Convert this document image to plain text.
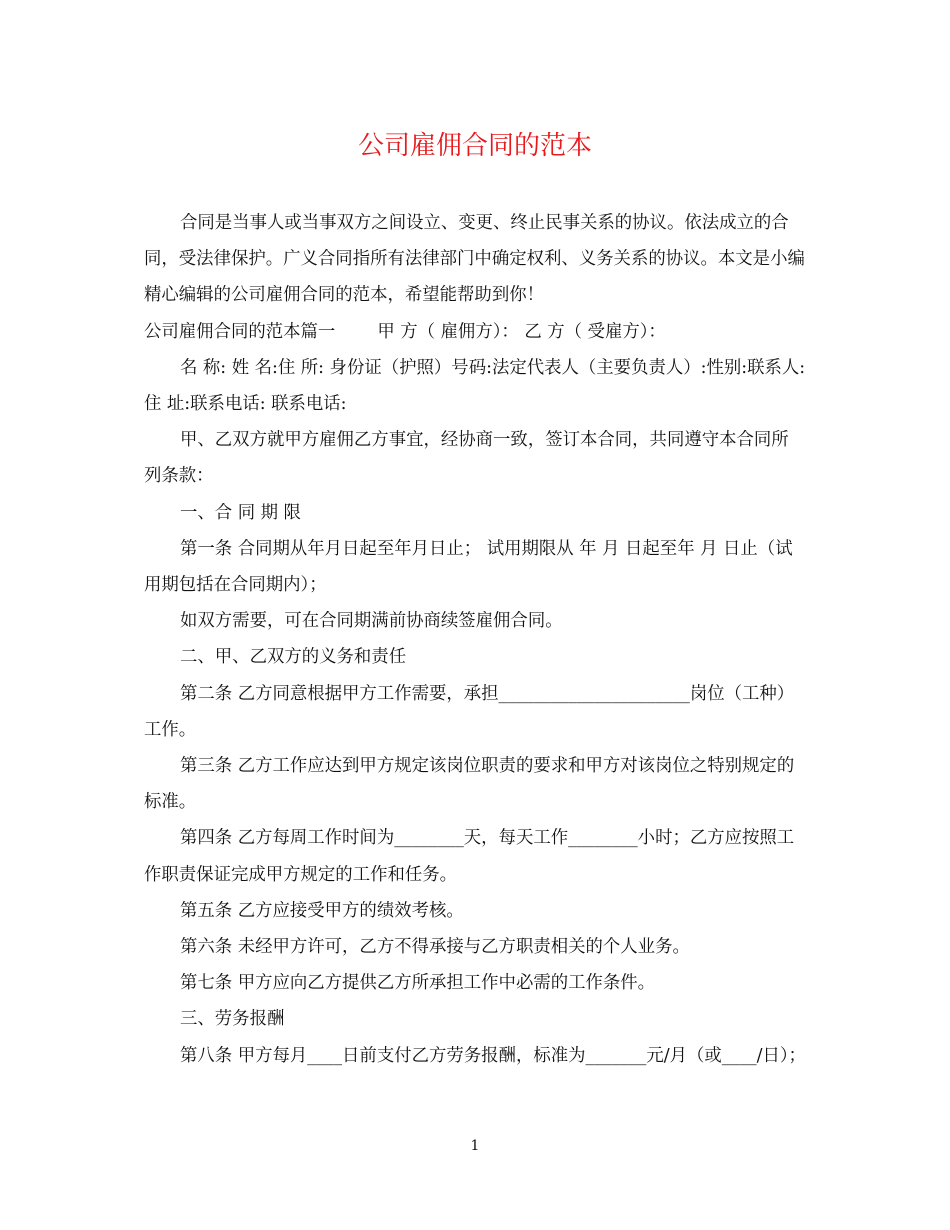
公司雇佣合同的范本

合同是当事人或当事双方之间设立、变更、终止民事关系的协议。依法成立的合同，受法律保护。广义合同指所有法律部门中确定权利、义务关系的协议。本文是小编精心编辑的公司雇佣合同的范本，希望能帮助到你！

公司雇佣合同的范本篇一 甲 方（ 雇佣方）： 乙 方（ 受雇方）：

名 称: 姓 名:住 所: 身份证（护照）号码:法定代表人（主要负责人）:性别:联系人: 住 址:联系电话: 联系电话:

甲、乙双方就甲方雇佣乙方事宜，经协商一致，签订本合同，共同遵守本合同所列条款：

一、合 同 期 限

第一条 合同期从年月日起至年月日止； 试用期限从 年 月 日起至年 月 日止（试用期包括在合同期内）；

如双方需要，可在合同期满前协商续签雇佣合同。

二、甲、乙双方的义务和责任

第二条 乙方同意根据甲方工作需要，承担______________________岗位（工种）工作。

第三条 乙方工作应达到甲方规定该岗位职责的要求和甲方对该岗位之特别规定的标准。

第四条 乙方每周工作时间为________天，每天工作________小时；乙方应按照工作职责保证完成甲方规定的工作和任务。

第五条 乙方应接受甲方的绩效考核。

第六条 未经甲方许可，乙方不得承接与乙方职责相关的个人业务。

第七条 甲方应向乙方提供乙方所承担工作中必需的工作条件。

三、劳务报酬

第八条 甲方每月____日前支付乙方劳务报酬，标准为_______元/月（或____/日）；

1
